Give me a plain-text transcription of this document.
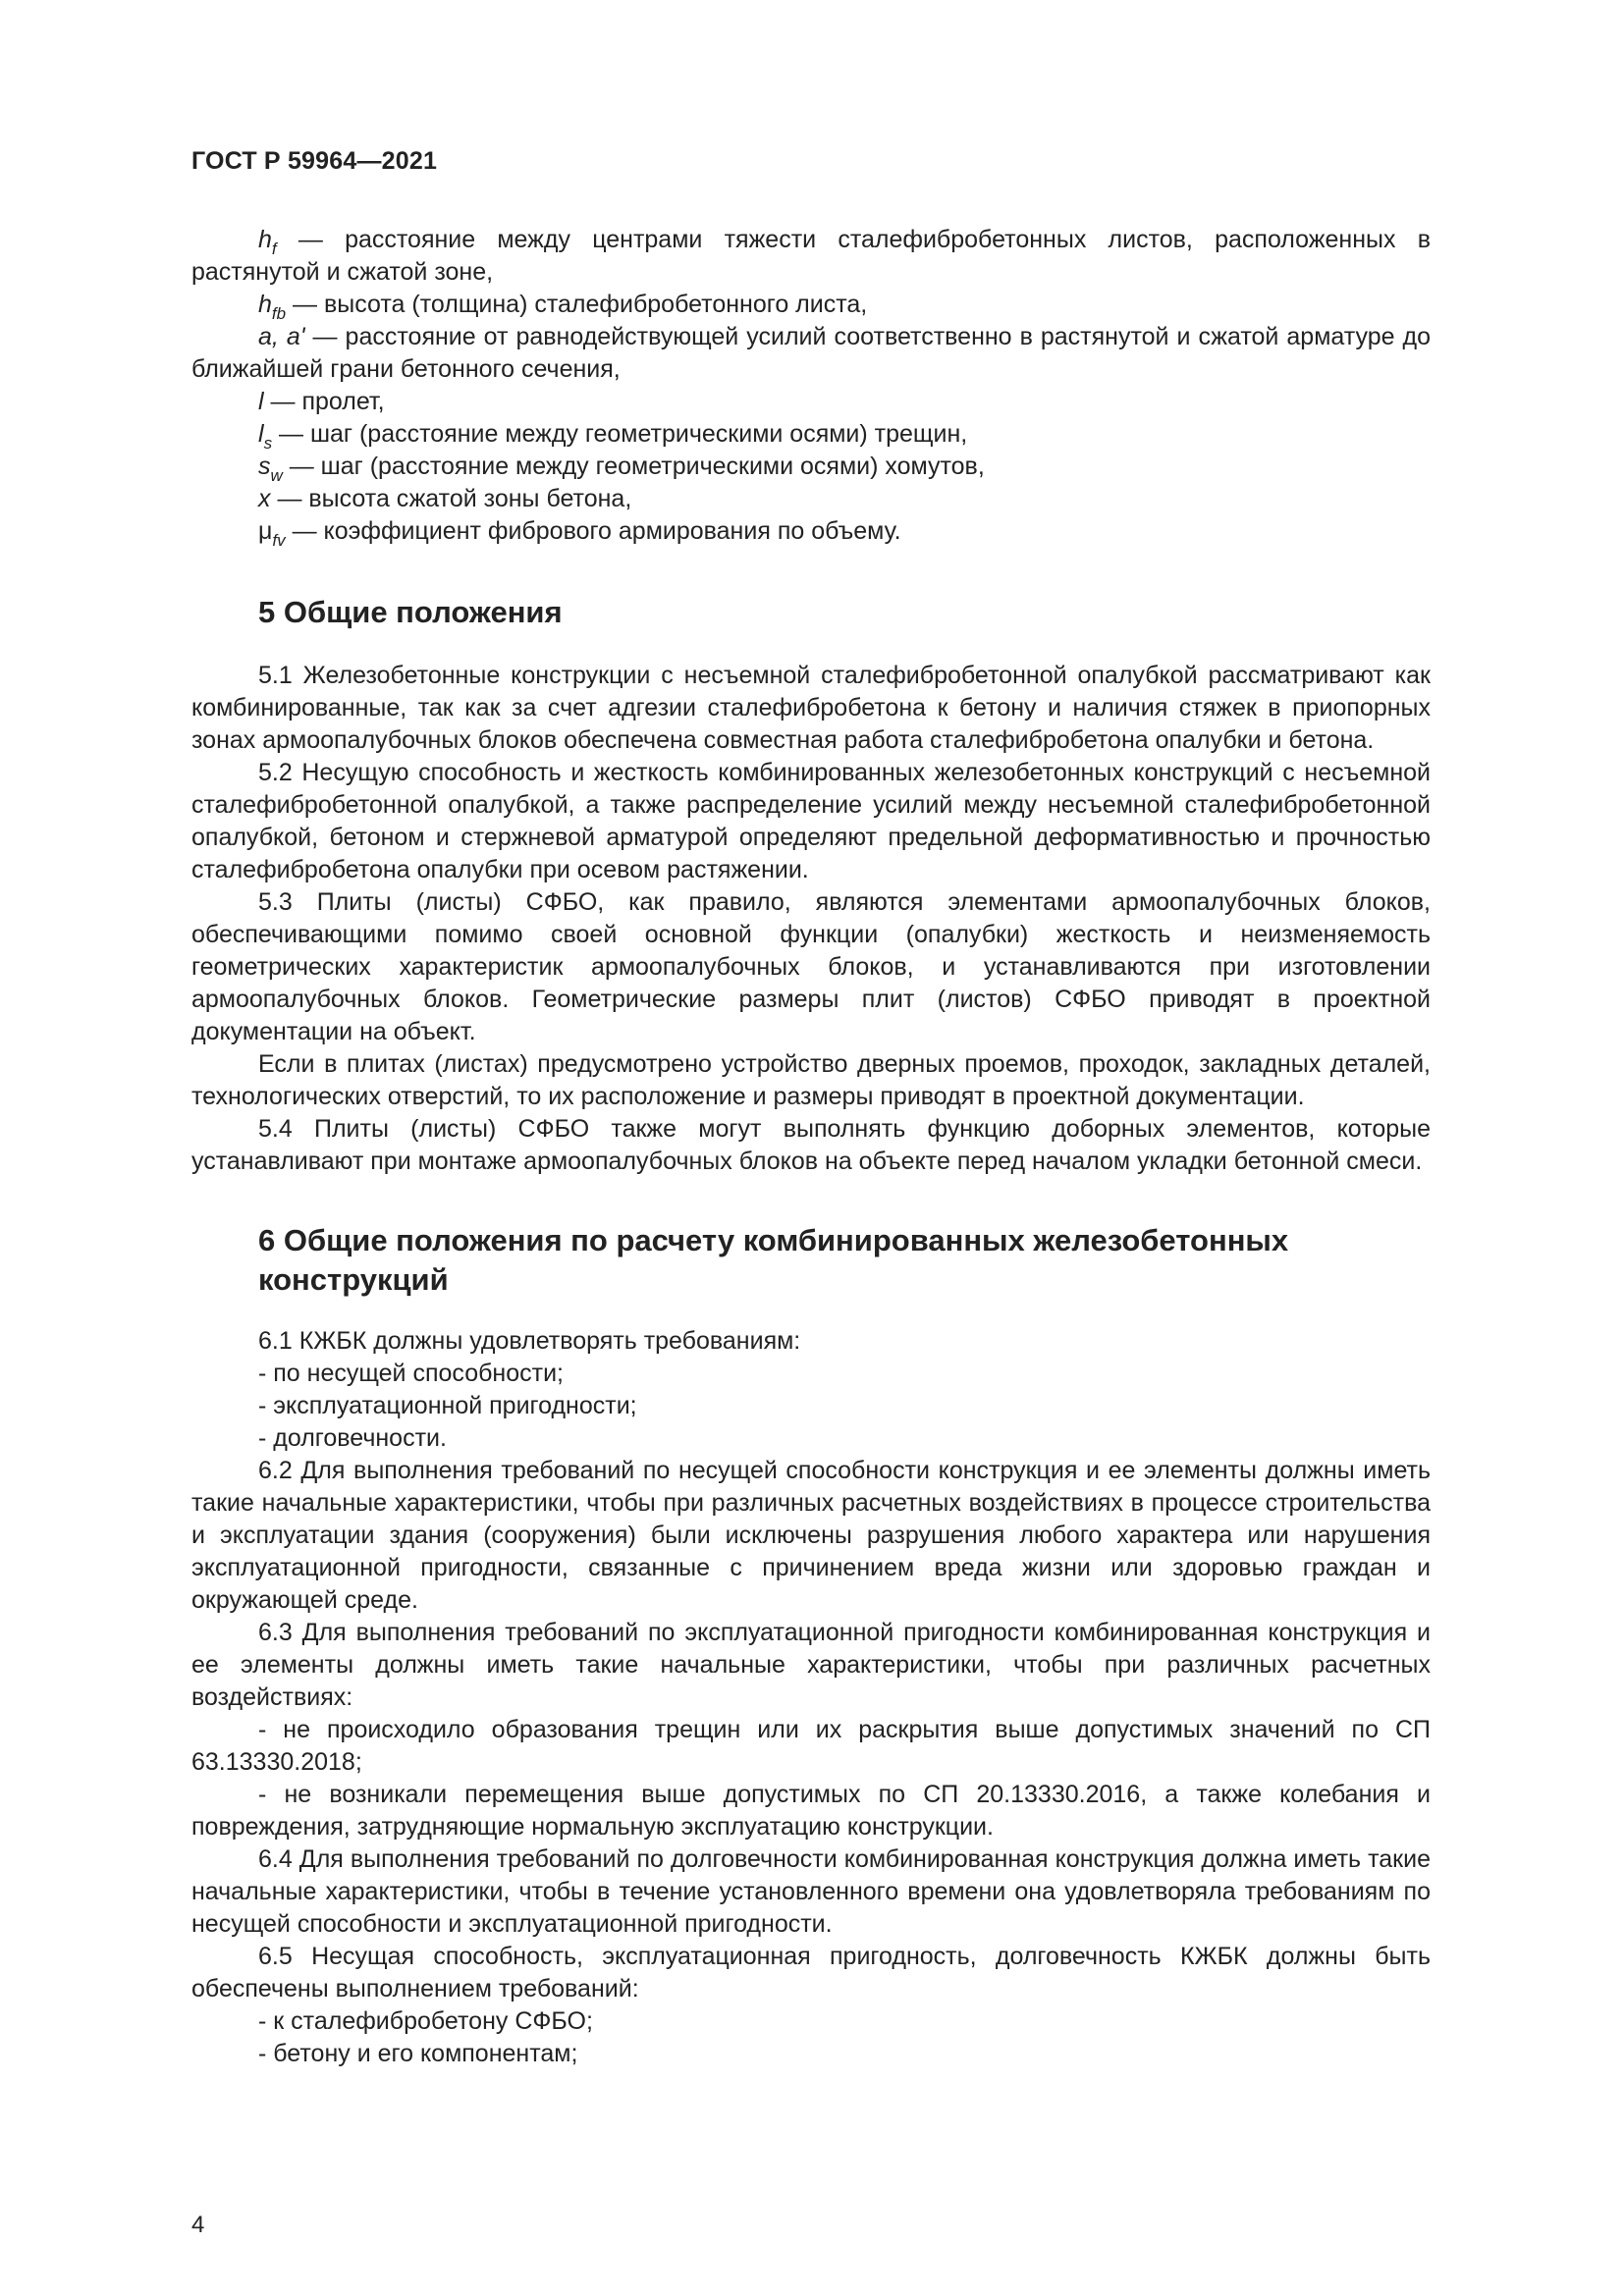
ГОСТ Р 59964—2021

$h_f$ — расстояние между центрами тяжести сталефибробетонных листов, расположенных в растянутой и сжатой зоне,

$h_{fb}$ — высота (толщина) сталефибробетонного листа,

a, a' — расстояние от равнодействующей усилий соответственно в растянутой и сжатой арматуре до ближайшей грани бетонного сечения,

l — пролет,

$l_s$ — шаг (расстояние между геометрическими осями) трещин,

$s_w$ — шаг (расстояние между геометрическими осями) хомутов,

x — высота сжатой зоны бетона,

$\mu_{fv}$ — коэффициент фибрового армирования по объему.

5 Общие положения

5.1 Железобетонные конструкции с несъемной сталефибробетонной опалубкой рассматривают как комбинированные, так как за счет адгезии сталефибробетона к бетону и наличия стяжек в приопорных зонах армоопалубочных блоков обеспечена совместная работа сталефибробетона опалубки и бетона.

5.2 Несущую способность и жесткость комбинированных железобетонных конструкций с несъемной сталефибробетонной опалубкой, а также распределение усилий между несъемной сталефибробетонной опалубкой, бетоном и стержневой арматурой определяют предельной деформативностью и прочностью сталефибробетона опалубки при осевом растяжении.

5.3 Плиты (листы) СФБО, как правило, являются элементами армоопалубочных блоков, обеспечивающими помимо своей основной функции (опалубки) жесткость и неизменяемость геометрических характеристик армоопалубочных блоков, и устанавливаются при изготовлении армоопалубочных блоков. Геометрические размеры плит (листов) СФБО приводят в проектной документации на объект.

Если в плитах (листах) предусмотрено устройство дверных проемов, проходок, закладных деталей, технологических отверстий, то их расположение и размеры приводят в проектной документации.

5.4 Плиты (листы) СФБО также могут выполнять функцию доборных элементов, которые устанавливают при монтаже армоопалубочных блоков на объекте перед началом укладки бетонной смеси.

6 Общие положения по расчету комбинированных железобетонных конструкций

6.1 КЖБК должны удовлетворять требованиям:

- по несущей способности;

- эксплуатационной пригодности;

- долговечности.

6.2 Для выполнения требований по несущей способности конструкция и ее элементы должны иметь такие начальные характеристики, чтобы при различных расчетных воздействиях в процессе строительства и эксплуатации здания (сооружения) были исключены разрушения любого характера или нарушения эксплуатационной пригодности, связанные с причинением вреда жизни или здоровью граждан и окружающей среде.

6.3 Для выполнения требований по эксплуатационной пригодности комбинированная конструкция и ее элементы должны иметь такие начальные характеристики, чтобы при различных расчетных воздействиях:

- не происходило образования трещин или их раскрытия выше допустимых значений по СП 63.13330.2018;

- не возникали перемещения выше допустимых по СП 20.13330.2016, а также колебания и повреждения, затрудняющие нормальную эксплуатацию конструкции.

6.4 Для выполнения требований по долговечности комбинированная конструкция должна иметь такие начальные характеристики, чтобы в течение установленного времени она удовлетворяла требованиям по несущей способности и эксплуатационной пригодности.

6.5 Несущая способность, эксплуатационная пригодность, долговечность КЖБК должны быть обеспечены выполнением требований:

- к сталефибробетону СФБО;

- бетону и его компонентам;

4
